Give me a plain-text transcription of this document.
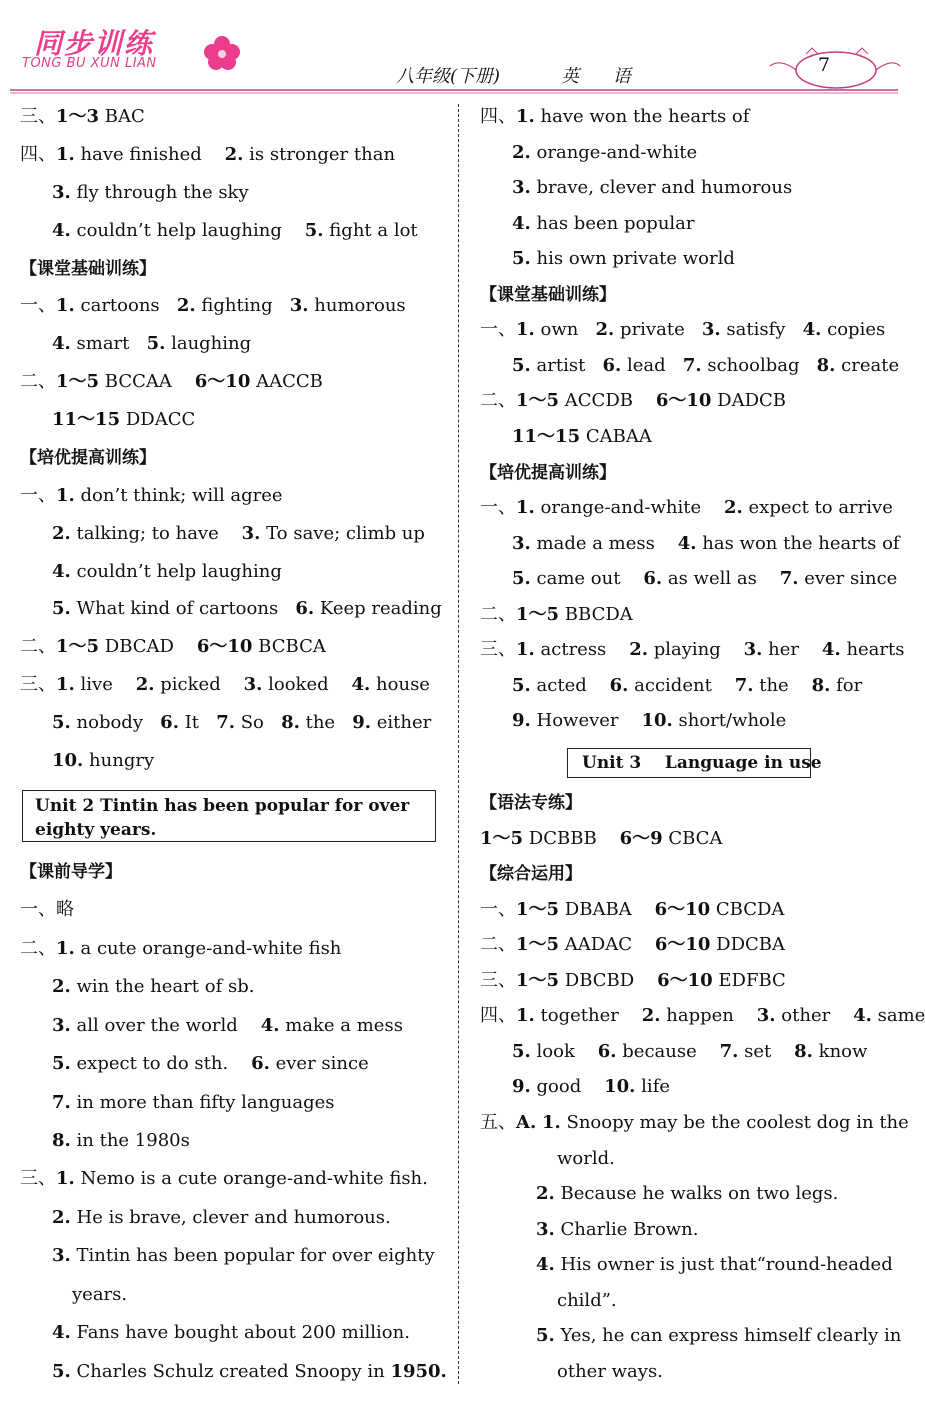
同步训练
TONG BU XUN LIAN
八年级(下册)	英 语
7
三、1～3 BAC
四、1. have finished    2. is stronger than
3. fly through the sky
4. couldn’t help laughing    5. fight a lot
【课堂基础训练】
一、1. cartoons   2. fighting   3. humorous
4. smart   5. laughing
二、1～5 BCCAA    6～10 AACCB
11～15 DDACC
【培优提高训练】
一、1. don’t think; will agree
2. talking; to have    3. To save; climb up
4. couldn’t help laughing
5. What kind of cartoons   6. Keep reading
二、1～5 DBCAD    6～10 BCBCA
三、1. live    2. picked    3. looked    4. house
5. nobody   6. It   7. So   8. the   9. either
10. hungry
Unit 2 Tintin has been popular for over
eighty years.
【课前导学】
一、略
二、1. a cute orange-and-white fish
2. win the heart of sb.
3. all over the world    4. make a mess
5. expect to do sth.    6. ever since
7. in more than fifty languages
8. in the 1980s
三、1. Nemo is a cute orange-and-white fish.
2. He is brave, clever and humorous.
3. Tintin has been popular for over eighty
years.
4. Fans have bought about 200 million.
5. Charles Schulz created Snoopy in 1950.
四、1. have won the hearts of
2. orange-and-white
3. brave, clever and humorous
4. has been popular
5. his own private world
【课堂基础训练】
一、1. own   2. private   3. satisfy   4. copies
5. artist   6. lead   7. schoolbag   8. create
二、1～5 ACCDB    6～10 DADCB
11～15 CABAA
【培优提高训练】
一、1. orange-and-white    2. expect to arrive
3. made a mess    4. has won the hearts of
5. came out    6. as well as    7. ever since
二、1～5 BBCDA
三、1. actress    2. playing    3. her    4. hearts
5. acted    6. accident    7. the    8. for
9. However    10. short/whole
Unit 3    Language in use
【语法专练】
1～5 DCBBB    6～9 CBCA
【综合运用】
一、1～5 DBABA    6～10 CBCDA
二、1～5 AADAC    6～10 DDCBA
三、1～5 DBCBD    6～10 EDFBC
四、1. together    2. happen    3. other    4. same
5. look    6. because    7. set    8. know
9. good    10. life
五、A. 1. Snoopy may be the coolest dog in the
world.
2. Because he walks on two legs.
3. Charlie Brown.
4. His owner is just that“round-headed
child”.
5. Yes, he can express himself clearly in
other ways.
